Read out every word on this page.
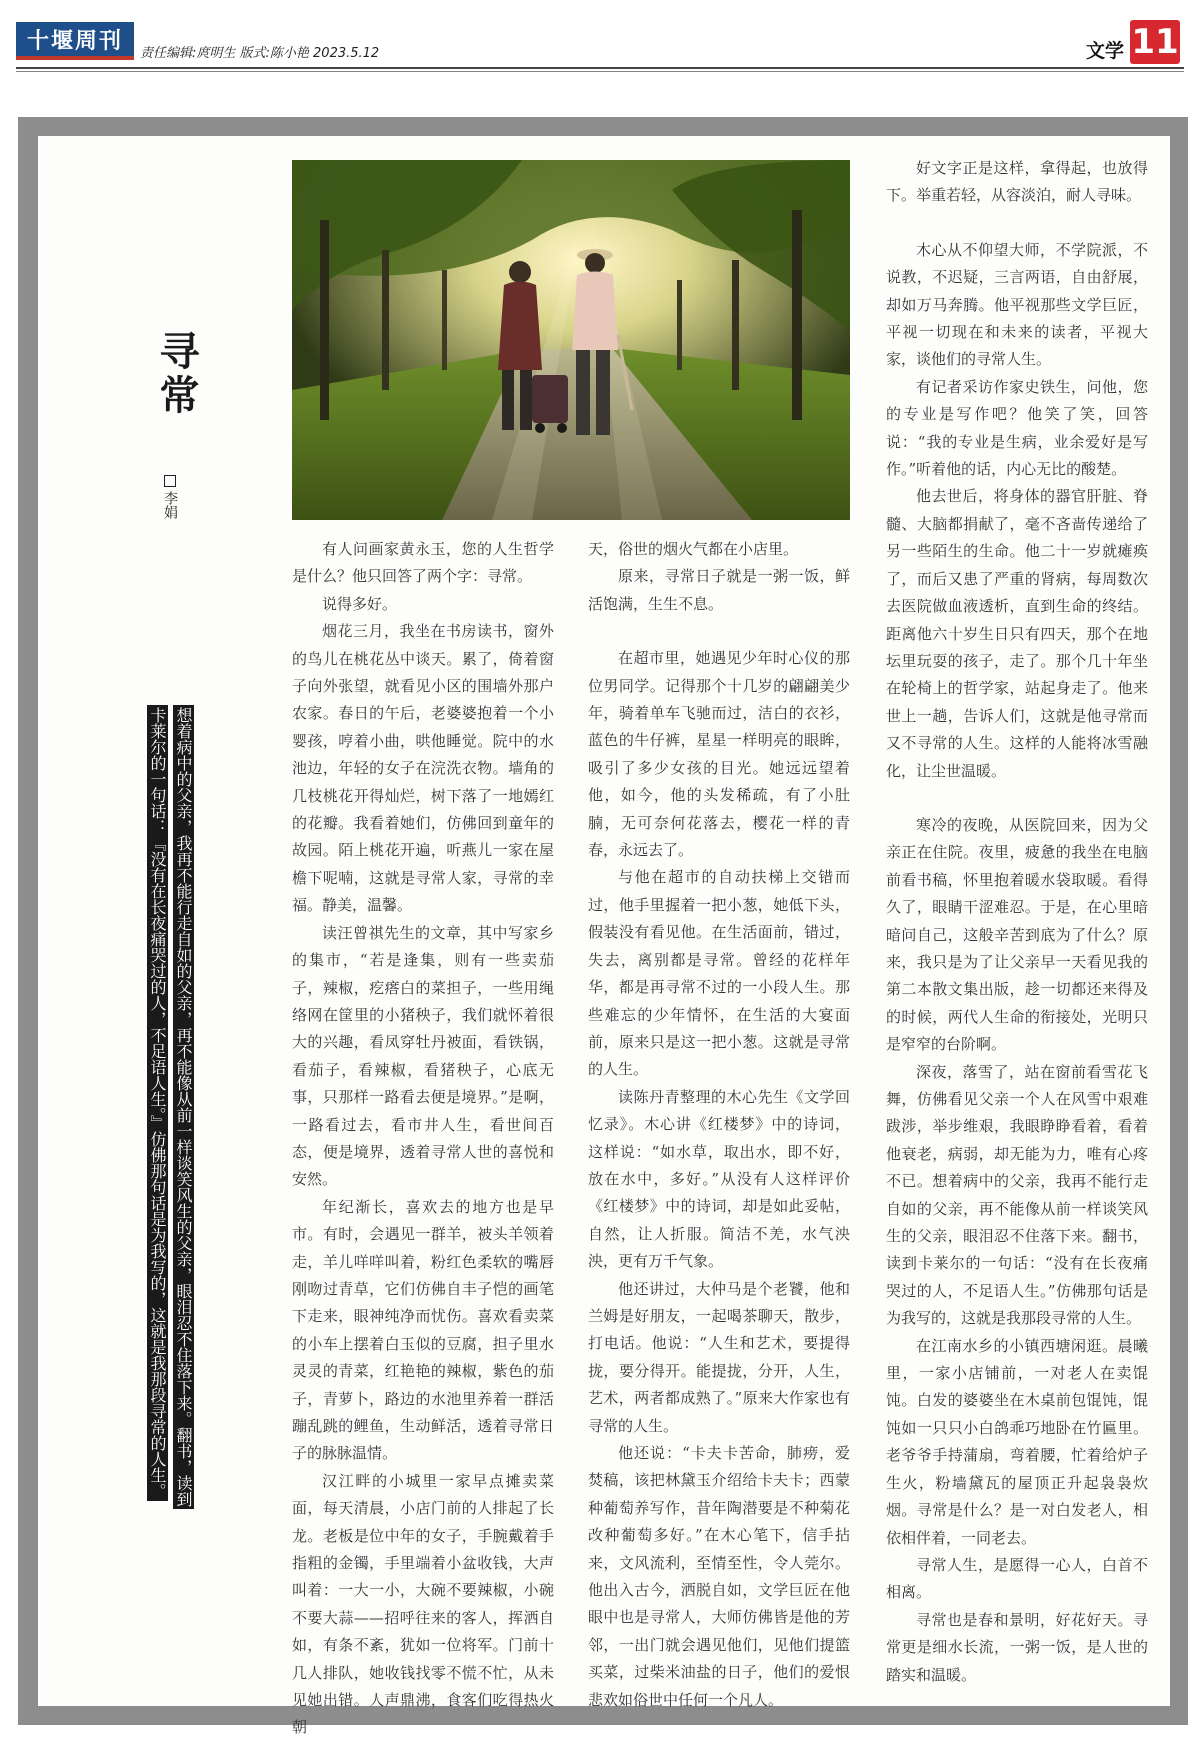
十堰周刊 责任编辑:庹明生 版式:陈小艳 2023.5.12	文学 11
寻常
李娟
想着病中的父亲，我再不能行走自如的父亲，再不能像从前一样谈笑风生的父亲，眼泪忍不住落下来。翻书，读到卡莱尔的一句话：『没有在长夜痛哭过的人，不足语人生。』仿佛那句话是为我写的，这就是我那段寻常的人生。

有人问画家黄永玉，您的人生哲学是什么？他只回答了两个字：寻常。

说得多好。

烟花三月，我坐在书房读书，窗外的鸟儿在桃花丛中谈天。累了，倚着窗子向外张望，就看见小区的围墙外那户农家。春日的午后，老婆婆抱着一个小婴孩，哼着小曲，哄他睡觉。院中的水池边，年轻的女子在浣洗衣物。墙角的几枝桃花开得灿烂，树下落了一地嫣红的花瓣。我看着她们，仿佛回到童年的故园。陌上桃花开遍，听燕儿一家在屋檐下呢喃，这就是寻常人家，寻常的幸福。静美，温馨。

读汪曾祺先生的文章，其中写家乡的集市，“若是逢集，则有一些卖茄子，辣椒，疙瘩白的菜担子，一些用绳络网在筐里的小猪秧子，我们就怀着很大的兴趣，看凤穿牡丹被面，看铁锅，看茄子，看辣椒，看猪秧子，心底无事，只那样一路看去便是境界。”是啊，一路看过去，看市井人生，看世间百态，便是境界，透着寻常人世的喜悦和安然。

年纪渐长，喜欢去的地方也是早市。有时，会遇见一群羊，被头羊领着走，羊儿咩咩叫着，粉红色柔软的嘴唇刚吻过青草，它们仿佛自丰子恺的画笔下走来，眼神纯净而忧伤。喜欢看卖菜的小车上摆着白玉似的豆腐，担子里水灵灵的青菜，红艳艳的辣椒，紫色的茄子，青萝卜，路边的水池里养着一群活蹦乱跳的鲤鱼，生动鲜活，透着寻常日子的脉脉温情。

汉江畔的小城里一家早点摊卖菜面，每天清晨，小店门前的人排起了长龙。老板是位中年的女子，手腕戴着手指粗的金镯，手里端着小盆收钱，大声叫着：一大一小，大碗不要辣椒，小碗不要大蒜——招呼往来的客人，挥洒自如，有条不紊，犹如一位将军。门前十几人排队，她收钱找零不慌不忙，从未见她出错。人声鼎沸，食客们吃得热火朝

天，俗世的烟火气都在小店里。

原来，寻常日子就是一粥一饭，鲜活饱满，生生不息。

在超市里，她遇见少年时心仪的那位男同学。记得那个十几岁的翩翩美少年，骑着单车飞驰而过，洁白的衣衫，蓝色的牛仔裤，星星一样明亮的眼眸，吸引了多少女孩的目光。她远远望着他，如今，他的头发稀疏，有了小肚腩，无可奈何花落去，樱花一样的青春，永远去了。

与他在超市的自动扶梯上交错而过，他手里握着一把小葱，她低下头，假装没有看见他。在生活面前，错过，失去，离别都是寻常。曾经的花样年华，都是再寻常不过的一小段人生。那些难忘的少年情怀，在生活的大宴面前，原来只是这一把小葱。这就是寻常的人生。

读陈丹青整理的木心先生《文学回忆录》。木心讲《红楼梦》中的诗词，这样说：“如水草，取出水，即不好，放在水中，多好。”从没有人这样评价《红楼梦》中的诗词，却是如此妥帖，自然，让人折服。简洁不羌，水气泱泱，更有万千气象。

他还讲过，大仲马是个老饕，他和兰姆是好朋友，一起喝茶聊天，散步，打电话。他说：“人生和艺术，要提得拢，要分得开。能提拢，分开，人生，艺术，两者都成熟了。”原来大作家也有寻常的人生。

他还说：“卡夫卡苦命，肺痨，爱焚稿，该把林黛玉介绍给卡夫卡；西蒙种葡萄养写作，昔年陶潜要是不种菊花改种葡萄多好。”在木心笔下，信手拈来，文风流利，至情至性，令人莞尔。他出入古今，洒脱自如，文学巨匠在他眼中也是寻常人，大师仿佛皆是他的芳邻，一出门就会遇见他们，见他们提篮买菜，过柴米油盐的日子，他们的爱恨悲欢如俗世中任何一个凡人。

好文字正是这样，拿得起，也放得下。举重若轻，从容淡泊，耐人寻味。

木心从不仰望大师，不学院派，不说教，不迟疑，三言两语，自由舒展，却如万马奔腾。他平视那些文学巨匠，平视一切现在和未来的读者，平视大家，谈他们的寻常人生。

有记者采访作家史铁生，问他，您的专业是写作吧？他笑了笑，回答说：“我的专业是生病，业余爱好是写作。”听着他的话，内心无比的酸楚。

他去世后，将身体的器官肝脏、脊髓、大脑都捐献了，毫不吝啬传递给了另一些陌生的生命。他二十一岁就瘫痪了，而后又患了严重的肾病，每周数次去医院做血液透析，直到生命的终结。距离他六十岁生日只有四天，那个在地坛里玩耍的孩子，走了。那个几十年坐在轮椅上的哲学家，站起身走了。他来世上一趟，告诉人们，这就是他寻常而又不寻常的人生。这样的人能将冰雪融化，让尘世温暖。

寒冷的夜晚，从医院回来，因为父亲正在住院。夜里，疲惫的我坐在电脑前看书稿，怀里抱着暖水袋取暖。看得久了，眼睛干涩难忍。于是，在心里暗暗问自己，这般辛苦到底为了什么？原来，我只是为了让父亲早一天看见我的第二本散文集出版，趁一切都还来得及的时候，两代人生命的衔接处，光明只是窄窄的台阶啊。

深夜，落雪了，站在窗前看雪花飞舞，仿佛看见父亲一个人在风雪中艰难跋涉，举步维艰，我眼睁睁看着，看着他衰老，病弱，却无能为力，唯有心疼不已。想着病中的父亲，我再不能行走自如的父亲，再不能像从前一样谈笑风生的父亲，眼泪忍不住落下来。翻书，读到卡莱尔的一句话：“没有在长夜痛哭过的人，不足语人生。”仿佛那句话是为我写的，这就是我那段寻常的人生。

在江南水乡的小镇西塘闲逛。晨曦里，一家小店铺前，一对老人在卖馄饨。白发的婆婆坐在木桌前包馄饨，馄饨如一只只小白鸽乖巧地卧在竹匾里。老爷爷手持蒲扇，弯着腰，忙着给炉子生火，粉墙黛瓦的屋顶正升起袅袅炊烟。寻常是什么？是一对白发老人，相依相伴着，一同老去。

寻常人生，是愿得一心人，白首不相离。

寻常也是春和景明，好花好天。寻常更是细水长流，一粥一饭，是人世的踏实和温暖。
